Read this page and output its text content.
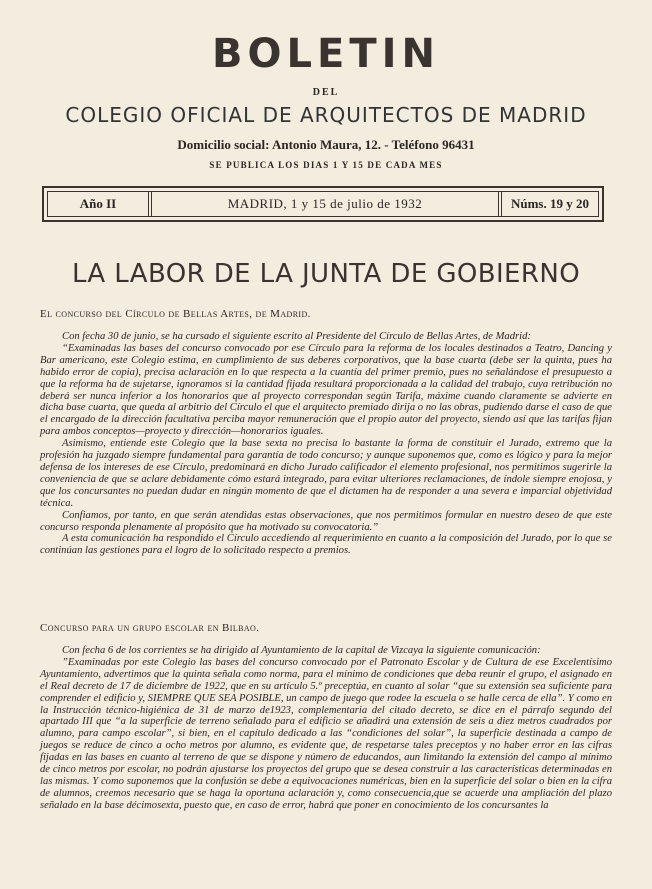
BOLETIN
DEL
COLEGIO OFICIAL DE ARQUITECTOS DE MADRID
Domicilio social: Antonio Maura, 12. - Teléfono 96431
SE PUBLICA LOS DIAS 1 Y 15 DE CADA MES
Año II	MADRID, 1 y 15 de julio de 1932	Núms. 19 y 20
LA LABOR DE LA JUNTA DE GOBIERNO
El concurso del Círculo de Bellas Artes, de Madrid.

Con fecha 30 de junio, se ha cursado el siguiente escrito al Presidente del Círculo de Bellas Artes, de Madrid:

“Examinadas las bases del concurso convocado por ese Círculo para la reforma de los locales destinados a Teatro, Dancing y Bar americano, este Colegio estima, en cumplimiento de sus deberes corporativos, que la base cuarta (debe ser la quinta, pues ha habido error de copia), precisa aclaración en lo que respecta a la cuantía del primer premio, pues no señalándose el presupuesto a que la reforma ha de sujetarse, ignoramos si la cantidad fijada resultará proporcionada a la calidad del trabajo, cuya retribución no deberá ser nunca inferior a los honorarios que al proyecto correspondan según Tarifa, máxime cuando claramente se advierte en dicha base cuarta, que queda al arbitrio del Círculo el que el arquitecto premiado dirija o no las obras, pudiendo darse el caso de que el encargado de la dirección facultativa perciba mayor remuneración que el propio autor del proyecto, siendo así que las tarifas fijan para ambos conceptos—proyecto y dirección—honorarios iguales.

Asimismo, entiende este Colegio que la base sexta no precisa lo bastante la forma de constituir el Jurado, extremo que la profesión ha juzgado siempre fundamental para garantía de todo concurso; y aunque suponemos que, como es lógico y para la mejor defensa de los intereses de ese Círculo, predominará en dicho Jurado calificador el elemento profesional, nos permitimos sugerirle la conveniencia de que se aclare debidamente cómo estará integrado, para evitar ulteriores reclamaciones, de índole siempre enojosa, y que los concursantes no puedan dudar en ningún momento de que el dictamen ha de responder a una severa e imparcial objetividad técnica.

Confiamos, por tanto, en que serán atendidas estas observaciones, que nos permitimos formular en nuestro deseo de que este concurso responda plenamente al propósito que ha motivado su convocatoria.”

A esta comunicación ha respondido el Círculo accediendo al requerimiento en cuanto a la composición del Jurado, por lo que se continúan las gestiones para el logro de lo solicitado respecto a premios.

Concurso para un grupo escolar en Bilbao.

Con fecha 6 de los corrientes se ha dirigido al Ayuntamiento de la capital de Vizcaya la siguiente comunicación:

”Examinadas por este Colegio las bases del concurso convocado por el Patronato Escolar y de Cultura de ese Excelentísimo Ayuntamiento, advertimos que la quinta señala como norma, para el mínimo de condiciones que deba reunir el grupo, el asignado en el Real decreto de 17 de diciembre de 1922, que en su artículo 5.º preceptúa, en cuanto al solar “que su extensión sea suficiente para comprender el edificio y, SIEMPRE QUE SEA POSIBLE, un campo de juego que rodee la escuela o se halle cerca de ella”. Y como en la Instrucción técnico-higiénica de 31 de marzo de1923, complementaria del citado decreto, se dice en el párrafo segundo del apartado III que “a la superficie de terreno señalado para el edificio se añadirá una extensión de seis a diez metros cuadrados por alumno, para campo escolar”, si bien, en el capítulo dedicado a las “condiciones del solar”, la superficie destinada a campo de juegos se reduce de cinco a ocho metros por alumno, es evidente que, de respetarse tales preceptos y no haber error en las cifras fijadas en las bases en cuanto al terreno de que se dispone y número de educandos, aun limitando la extensión del campo al mínimo de cinco metros por escolar, no podrán ajustarse los proyectos del grupo que se desea construir a las características determinadas en las mismas. Y como suponemos que la confusión se debe a equivocaciones numéricas, bien en la superficie del solar o bien en la cifra de alumnos, creemos necesario que se haga la oportuna aclaración y, como consecuencia,que se acuerde una ampliación del plazo señalado en la base décimosexta, puesto que, en caso de error, habrá que poner en conocimiento de los concursantes la
